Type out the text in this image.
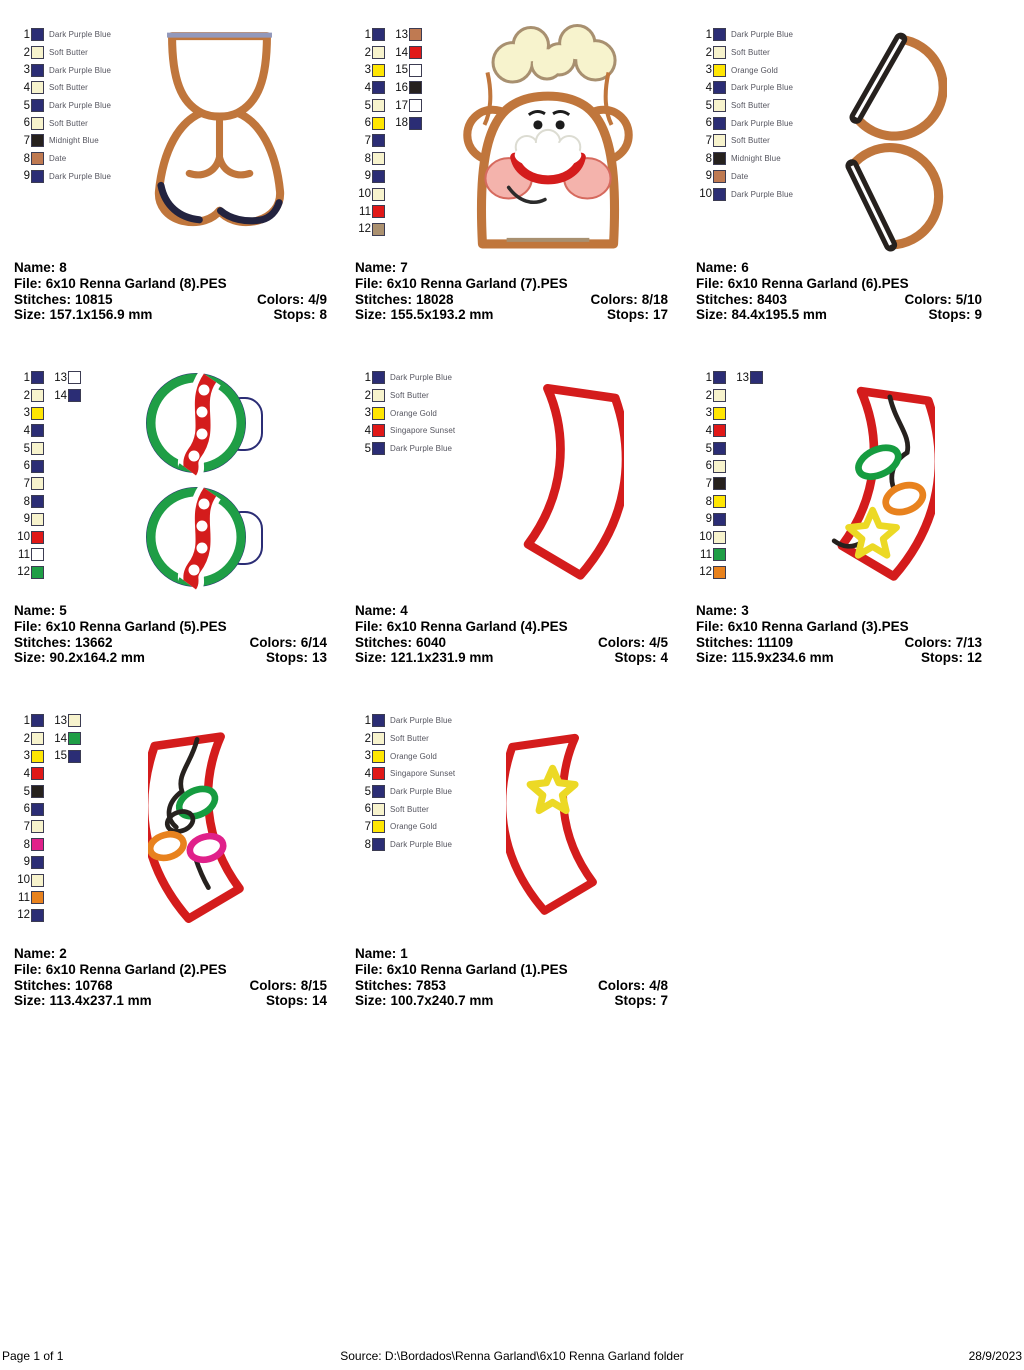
1 Dark Purple Blue
2 Soft Butter
3 Dark Purple Blue
4 Soft Butter
5 Dark Purple Blue
6 Soft Butter
7 Midnight Blue
8 Date
9 Dark Purple Blue
Name: 8
File: 6x10 Renna Garland (8).PES
Stitches: 10815	Colors: 4/9
Size: 157.1x156.9 mm	Stops: 8
1
2
3
4
5
6
7
8
9
10
11
12
13
14
15
16
17
18
Name: 7
File: 6x10 Renna Garland (7).PES
Stitches: 18028	Colors: 8/18
Size: 155.5x193.2 mm	Stops: 17
1 Dark Purple Blue
2 Soft Butter
3 Orange Gold
4 Dark Purple Blue
5 Soft Butter
6 Dark Purple Blue
7 Soft Butter
8 Midnight Blue
9 Date
10 Dark Purple Blue
Name: 6
File: 6x10 Renna Garland (6).PES
Stitches: 8403	Colors: 5/10
Size: 84.4x195.5 mm	Stops: 9
1
2
3
4
5
6
7
8
9
10
11
12
13
14
Name: 5
File: 6x10 Renna Garland (5).PES
Stitches: 13662	Colors: 6/14
Size: 90.2x164.2 mm	Stops: 13
1 Dark Purple Blue
2 Soft Butter
3 Orange Gold
4 Singapore Sunset
5 Dark Purple Blue
Name: 4
File: 6x10 Renna Garland (4).PES
Stitches: 6040	Colors: 4/5
Size: 121.1x231.9 mm	Stops: 4
1
2
3
4
5
6
7
8
9
10
11
12
13
Name: 3
File: 6x10 Renna Garland (3).PES
Stitches: 11109	Colors: 7/13
Size: 115.9x234.6 mm	Stops: 12
1
2
3
4
5
6
7
8
9
10
11
12
13
14
15
Name: 2
File: 6x10 Renna Garland (2).PES
Stitches: 10768	Colors: 8/15
Size: 113.4x237.1 mm	Stops: 14
1 Dark Purple Blue
2 Soft Butter
3 Orange Gold
4 Singapore Sunset
5 Dark Purple Blue
6 Soft Butter
7 Orange Gold
8 Dark Purple Blue
Name: 1
File: 6x10 Renna Garland (1).PES
Stitches: 7853	Colors: 4/8
Size: 100.7x240.7 mm	Stops: 7
Page 1 of 1	Source: D:\Bordados\Renna Garland\6x10 Renna Garland folder	28/9/2023
